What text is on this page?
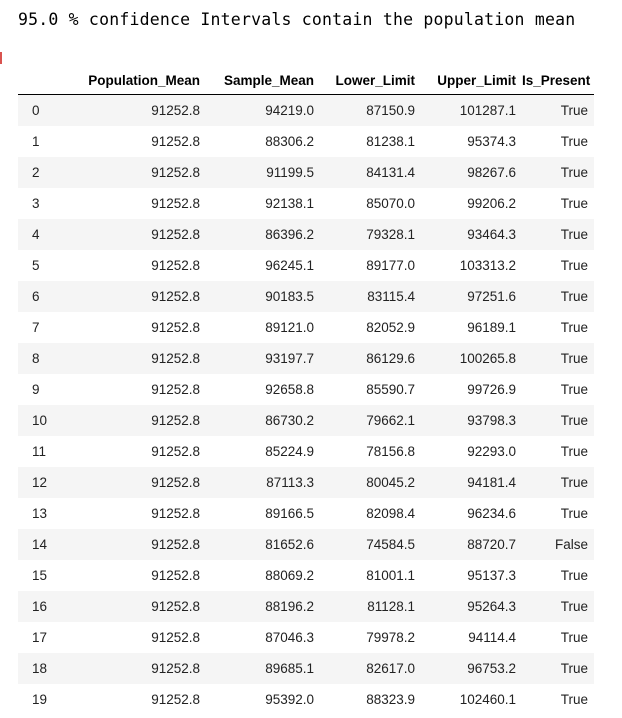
95.0 % confidence Intervals contain the population mean
	Population_Mean	Sample_Mean	Lower_Limit	Upper_Limit	Is_Present
0	91252.8	94219.0	87150.9	101287.1	True
1	91252.8	88306.2	81238.1	95374.3	True
2	91252.8	91199.5	84131.4	98267.6	True
3	91252.8	92138.1	85070.0	99206.2	True
4	91252.8	86396.2	79328.1	93464.3	True
5	91252.8	96245.1	89177.0	103313.2	True
6	91252.8	90183.5	83115.4	97251.6	True
7	91252.8	89121.0	82052.9	96189.1	True
8	91252.8	93197.7	86129.6	100265.8	True
9	91252.8	92658.8	85590.7	99726.9	True
10	91252.8	86730.2	79662.1	93798.3	True
11	91252.8	85224.9	78156.8	92293.0	True
12	91252.8	87113.3	80045.2	94181.4	True
13	91252.8	89166.5	82098.4	96234.6	True
14	91252.8	81652.6	74584.5	88720.7	False
15	91252.8	88069.2	81001.1	95137.3	True
16	91252.8	88196.2	81128.1	95264.3	True
17	91252.8	87046.3	79978.2	94114.4	True
18	91252.8	89685.1	82617.0	96753.2	True
19	91252.8	95392.0	88323.9	102460.1	True
